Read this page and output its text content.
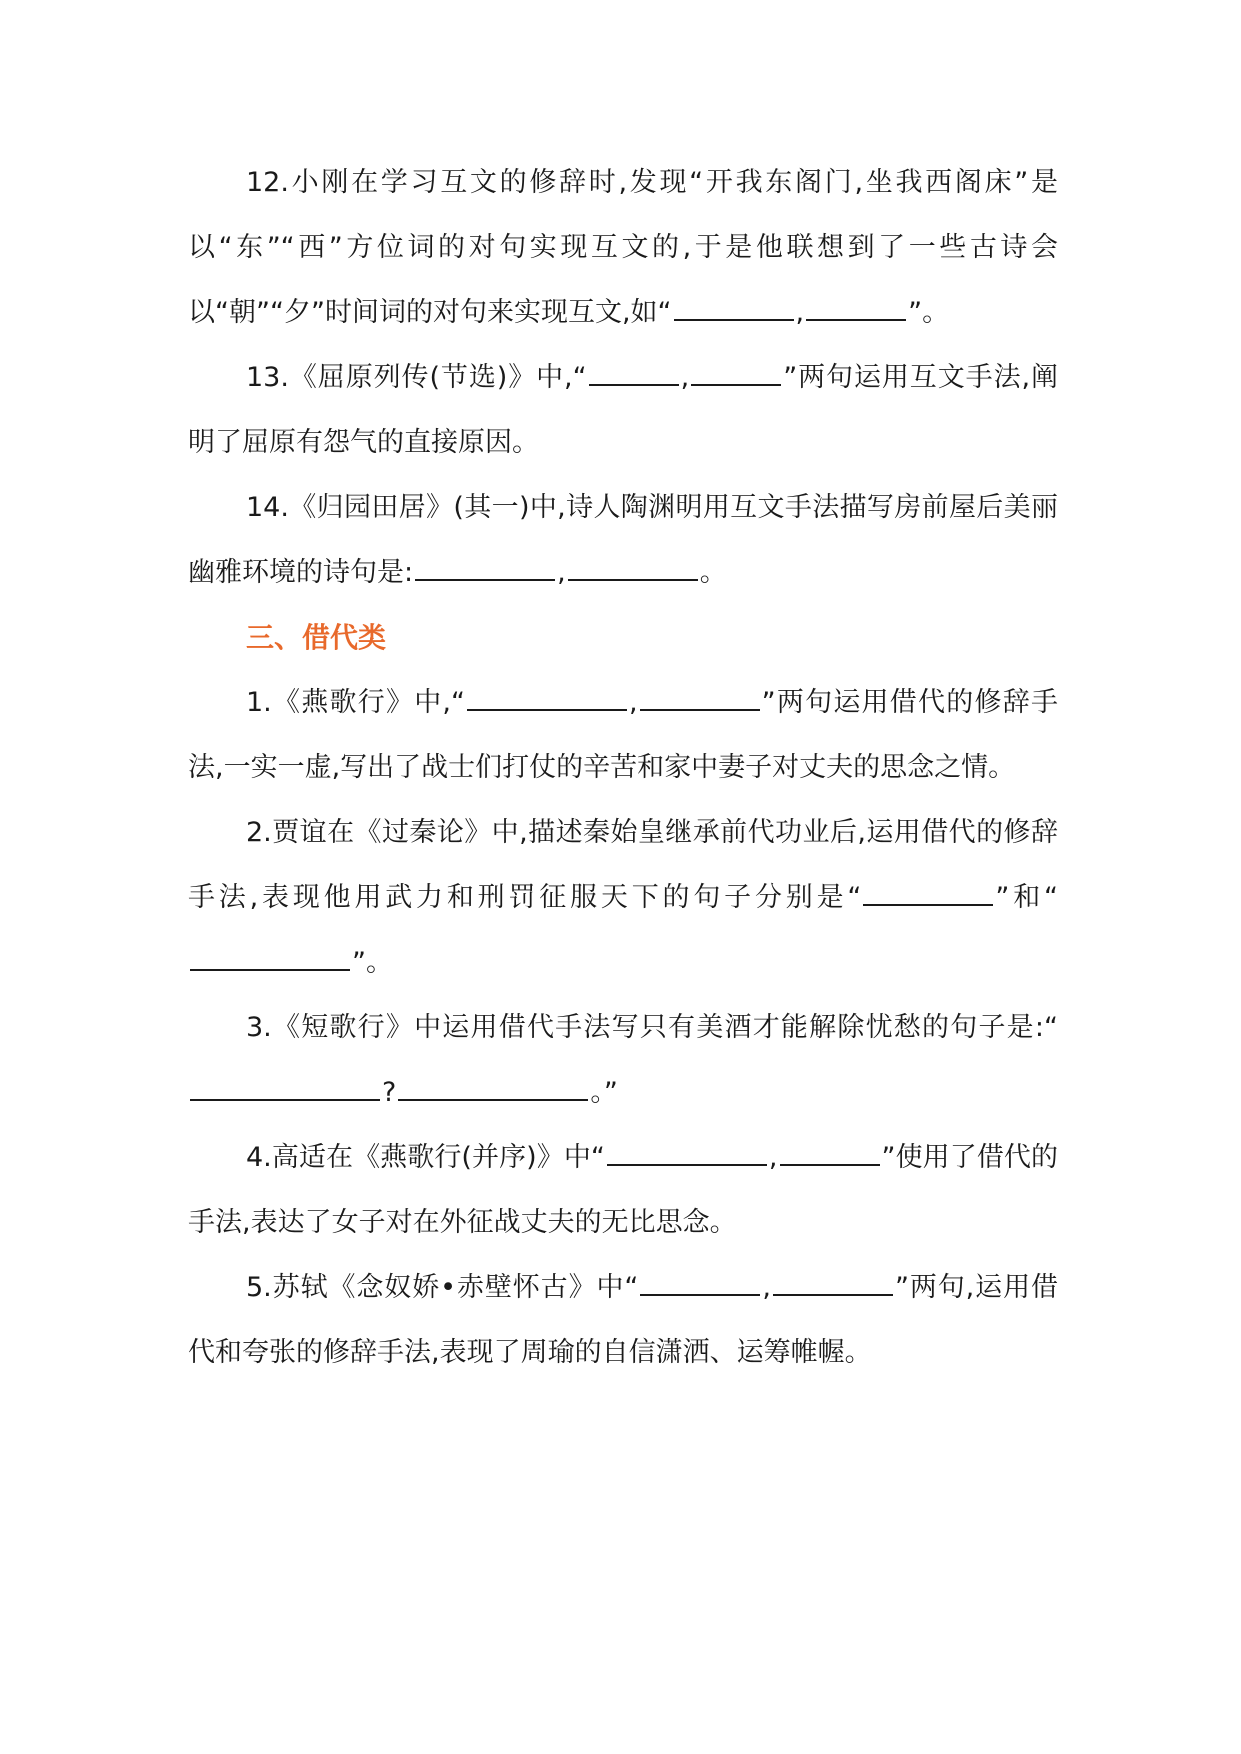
12.小刚在学习互文的修辞时,发现“开我东阁门,坐我西阁床”是以“东”“西”方位词的对句实现互文的,于是他联想到了一些古诗会以“朝”“夕”时间词的对句来实现互文,如“	,	”。

13.《屈原列传(节选)》中,“	,	”两句运用互文手法,阐明了屈原有怨气的直接原因。

14.《归园田居》(其一)中,诗人陶渊明用互文手法描写房前屋后美丽幽雅环境的诗句是:	,	。

三、借代类

1.《燕歌行》中,“	,	”两句运用借代的修辞手法,一实一虚,写出了战士们打仗的辛苦和家中妻子对丈夫的思念之情。

2.贾谊在《过秦论》中,描述秦始皇继承前代功业后,运用借代的修辞手法,表现他用武力和刑罚征服天下的句子分别是“	”和“”。

3.《短歌行》中运用借代手法写只有美酒才能解除忧愁的句子是:“?	。”

4.高适在《燕歌行(并序)》中“	,	”使用了借代的手法,表达了女子对在外征战丈夫的无比思念。

5.苏轼《念奴娇•赤壁怀古》中“	,	”两句,运用借代和夸张的修辞手法,表现了周瑜的自信潇洒、运筹帷幄。
